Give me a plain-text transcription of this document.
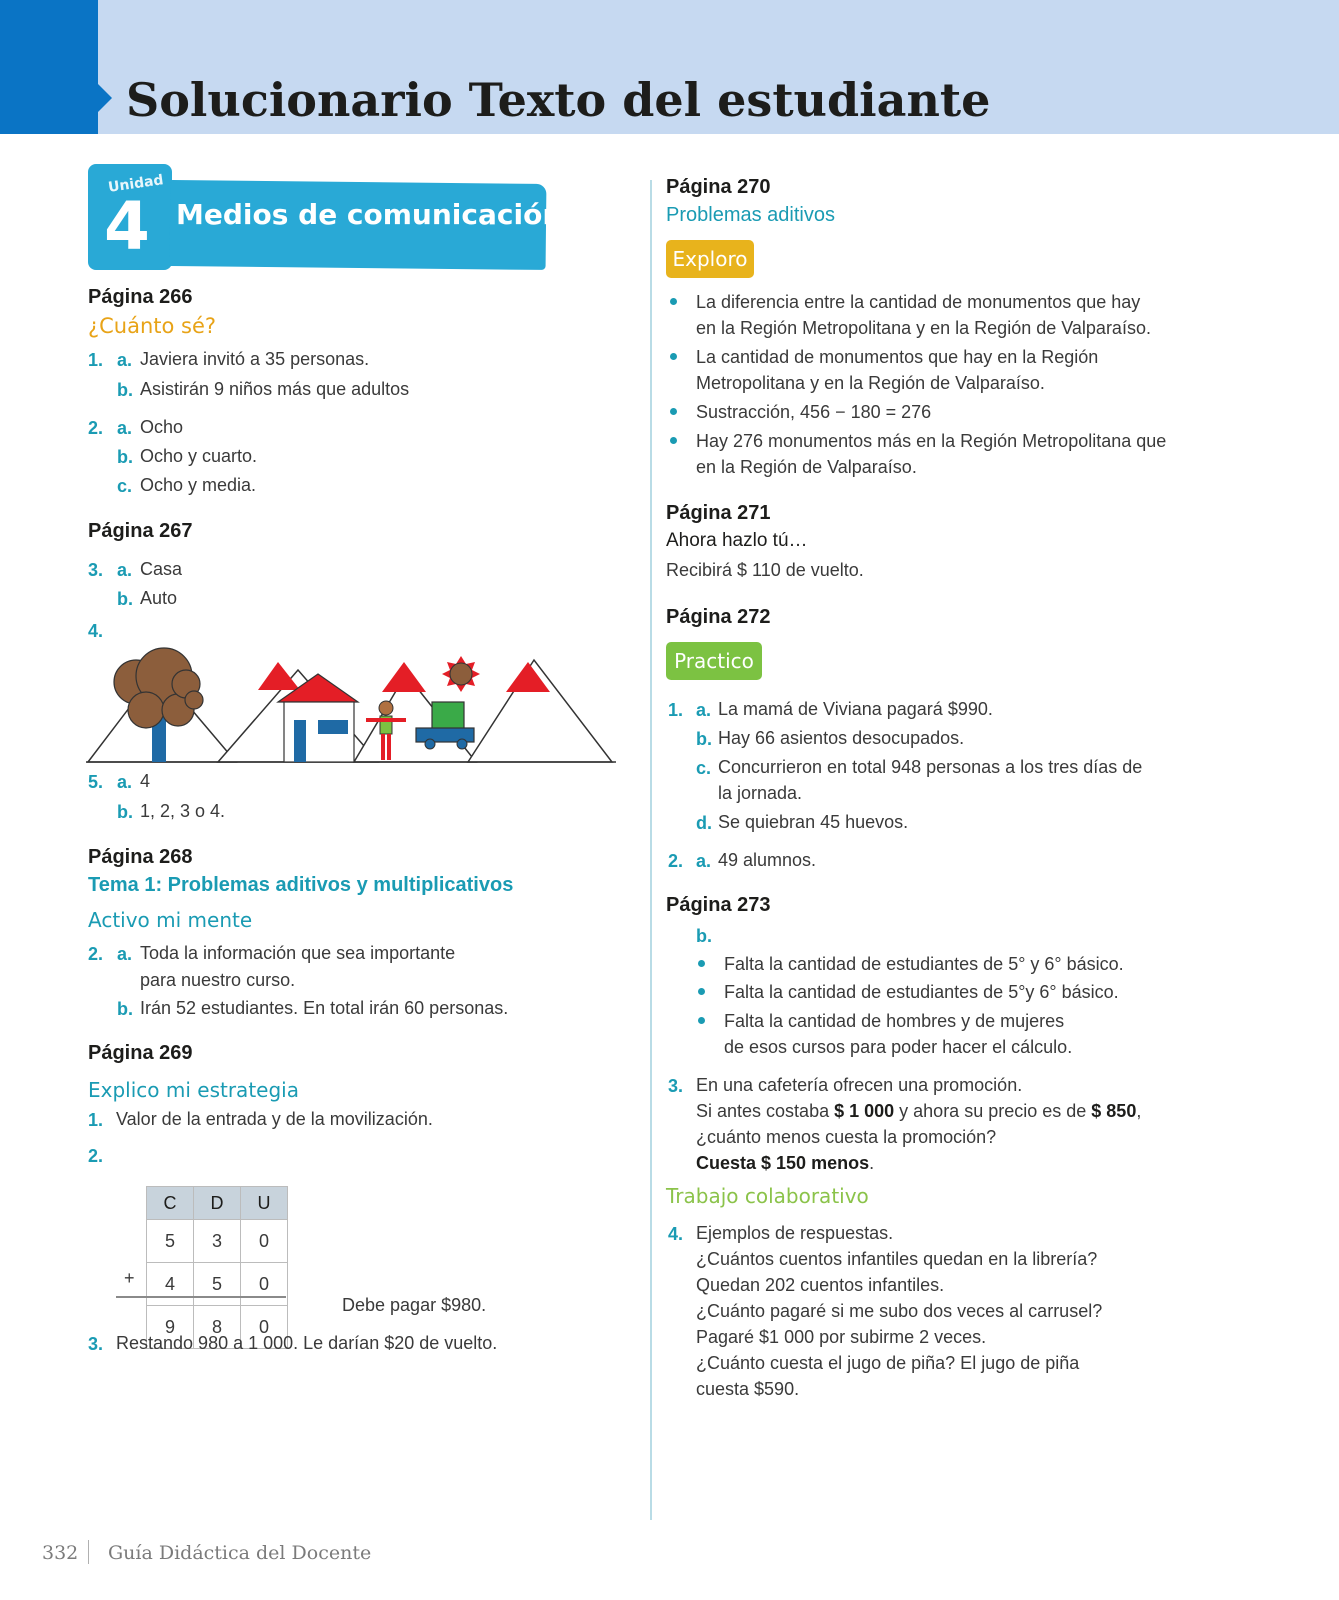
Solucionario Texto del estudiante
Unidad
4 Medios de comunicación
Página 266
¿Cuánto sé?
1. a. Javiera invitó a 35 personas.
b. Asistirán 9 niños más que adultos
2. a. Ocho
b. Ocho y cuarto.
c. Ocho y media.
Página 267
3. a. Casa
b. Auto
4.
5. a. 4
b. 1, 2, 3 o 4.
Página 268
Tema 1: Problemas aditivos y multiplicativos
Activo mi mente
2. a. Toda la información que sea importante
para nuestro curso.
b. Irán 52 estudiantes. En total irán 60 personas.
Página 269
Explico mi estrategia
1. Valor de la entrada y de la movilización.
2.
C	D	U
5	3	0
4	5	0
9	8	0
+
Debe pagar $980.
3. Restando 980 a 1 000. Le darían $20 de vuelto.
Página 270
Problemas aditivos
Exploro
La diferencia entre la cantidad de monumentos que hay
en la Región Metropolitana y en la Región de Valparaíso.
La cantidad de monumentos que hay en la Región
Metropolitana y en la Región de Valparaíso.
Sustracción, 456 − 180 = 276
Hay 276 monumentos más en la Región Metropolitana que
en la Región de Valparaíso.
Página 271
Ahora hazlo tú…
Recibirá $ 110 de vuelto.
Página 272
Practico
1. a. La mamá de Viviana pagará $990.
b. Hay 66 asientos desocupados.
c. Concurrieron en total 948 personas a los tres días de
la jornada.
d. Se quiebran 45 huevos.
2. a. 49 alumnos.
Página 273
b.
Falta la cantidad de estudiantes de 5° y 6° básico.
Falta la cantidad de estudiantes de 5°y 6° básico.
Falta la cantidad de hombres y de mujeres
de esos cursos para poder hacer el cálculo.
3. En una cafetería ofrecen una promoción.
Si antes costaba $ 1 000 y ahora su precio es de $ 850,
¿cuánto menos cuesta la promoción?
Cuesta $ 150 menos.
Trabajo colaborativo
4. Ejemplos de respuestas.
¿Cuántos cuentos infantiles quedan en la librería?
Quedan 202 cuentos infantiles.
¿Cuánto pagaré si me subo dos veces al carrusel?
Pagaré $1 000 por subirme 2 veces.
¿Cuánto cuesta el jugo de piña? El jugo de piña
cuesta $590.
332 Guía Didáctica del Docente
